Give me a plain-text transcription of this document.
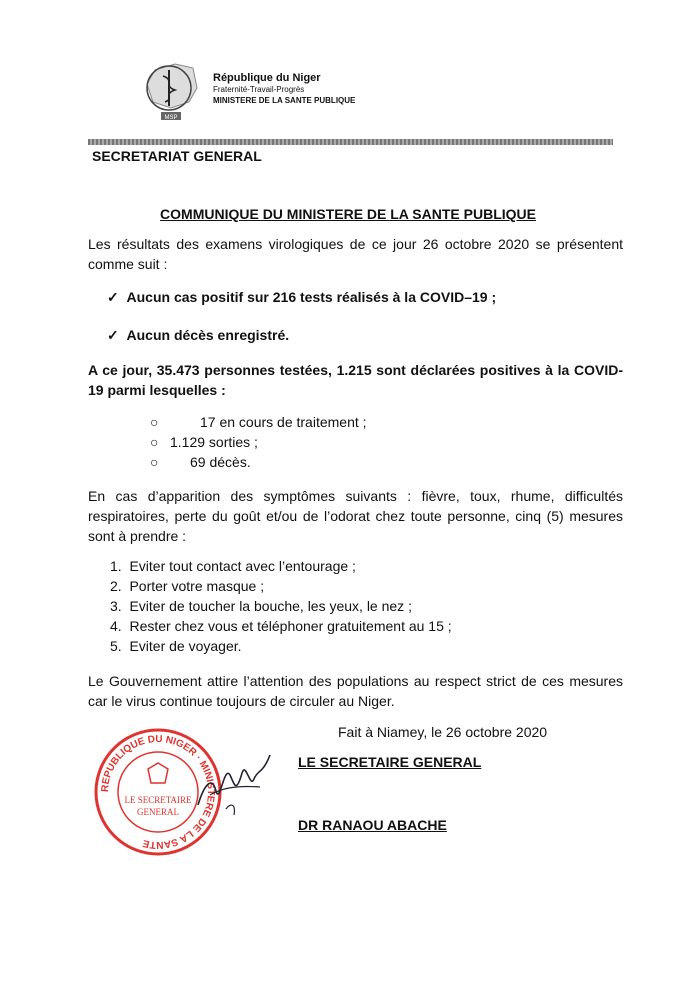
MSP
République du Niger
Fraternité-Travail-Progrès
MINISTERE DE LA SANTE PUBLIQUE
SECRETARIAT GENERAL
COMMUNIQUE DU MINISTERE DE LA SANTE PUBLIQUE
Les résultats des examens virologiques de ce jour 26 octobre 2020 se présentent comme suit :
✓ Aucun cas positif sur 216 tests réalisés à la COVID–19 ;
✓ Aucun décès enregistré.
A ce jour, 35.473 personnes testées, 1.215 sont déclarées positives à la COVID- 19 parmi lesquelles :
○	17 en cours de traitement ;
○ 1.129 sorties ;
○ 69 décès.
En cas d’apparition des symptômes suivants : fièvre, toux, rhume, difficultés respiratoires, perte du goût et/ou de l’odorat chez toute personne, cinq (5) mesures sont à prendre :
1.  Eviter tout contact avec l’entourage ;
2.  Porter votre masque ;
3.  Eviter de toucher la bouche, les yeux, le nez ;
4.  Rester chez vous et téléphoner gratuitement au 15 ;
5.  Eviter de voyager.
Le Gouvernement attire l’attention des populations au respect strict de ces mesures car le virus continue toujours de circuler au Niger.
Fait à Niamey, le 26 octobre 2020
LE SECRETAIRE GENERAL
REPUBLIQUE DU NIGER · MINISTERE DE LA SANTE
LE SECRETAIRE
GENERAL
DR RANAOU ABACHE
